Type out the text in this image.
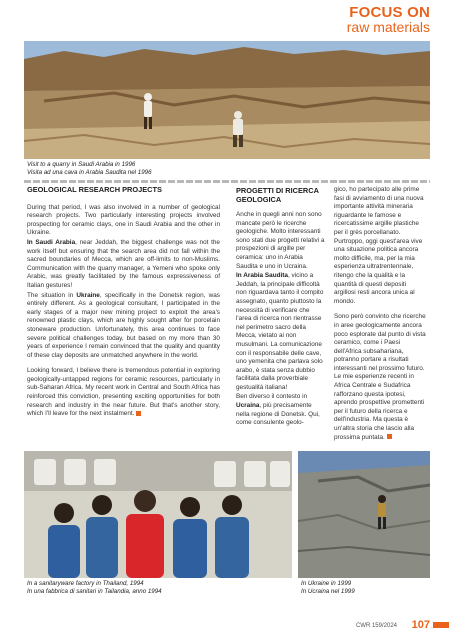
FOCUS ON
raw materials
Visit to a quarry in Saudi Arabia in 1996
Visita ad una cava in Arabia Saudita nel 1996
GEOLOGICAL RESEARCH PROJECTS

During that period, I was also involved in a number of geological research projects. Two particularly interesting projects involved prospecting for ceramic clays, one in Saudi Arabia and the other in Ukraine.

In Saudi Arabia, near Jeddah, the biggest challenge was not the work itself but ensuring that the search area did not fall within the sacred boundaries of Mecca, which are off-limits to non-Muslims. Communication with the quarry manager, a Yemeni who spoke only Arabic, was greatly facilitated by the famous expressiveness of Italian gestures!

The situation in Ukraine, specifically in the Donetsk region, was entirely different. As a geological consultant, I participated in the early stages of a major new mining project to exploit the area's renowned plastic clays, which are highly sought after for porcelain stoneware production. Unfortunately, this area continues to face severe political challenges today, but based on my more than 30 years of experience I remain convinced that the quality and quantity of these clay deposits are unmatched anywhere in the world.

Looking forward, I believe there is tremendous potential in exploring geologically-untapped regions for ceramic resources, particularly in sub-Saharan Africa. My recent work in Central and South Africa has reinforced this conviction, presenting exciting opportunities for both research and industry in the near future. But that's another story, which I'll leave for the next instalment.

PROGETTI DI RICERCA GEOLOGICA

Anche in quegli anni non sono mancate però le ricerche geologiche. Molto interessanti sono stati due progetti relativi a prospezioni di argille per ceramica: uno in Arabia Saudita e uno in Ucraina.

In Arabia Saudita, vicino a Jeddah, la principale difficoltà non riguardava tanto il compito assegnato, quanto piuttosto la necessità di verificare che l'area di ricerca non rientrasse nel perimetro sacro della Mecca, vietato ai non musulmani. La comunicazione con il responsabile delle cave, uno yemenita che parlava solo arabo, è stata senza dubbio facilitata dalla proverbiale gestualità italiana!

Ben diverso il contesto in Ucraina, più precisamente nella regione di Donetsk. Qui, come consulente geolo-

gico, ho partecipato alle prime fasi di avviamento di una nuova importante attività mineraria riguardante le famose e ricercatissime argille plastiche per il grès porcellanato. Purtroppo, oggi quest'area vive una situazione politica ancora molto difficile, ma, per la mia esperienza ultratrentennale, ritengo che la qualità e la quantità di questi depositi argillosi resti ancora unica al mondo.

Sono però convinto che ricerche in aree geologicamente ancora poco esplorate dal punto di vista ceramico, come i Paesi dell'Africa subsahariana, potranno portare a risultati interessanti nel prossimo futuro. Le mie esperienze recenti in Africa Centrale e Sudafrica rafforzano questa ipotesi, aprendo prospettive promettenti per il futuro della ricerca e dell'industria. Ma questa è un'altra storia che lascio alla prossima puntata.

In a sanitaryware factory in Thailand, 1994
In una fabbrica di sanitari in Tailandia, anno 1994
In Ukraine in 1999
In Ucraina nel 1999
CWR 159/2024 107
